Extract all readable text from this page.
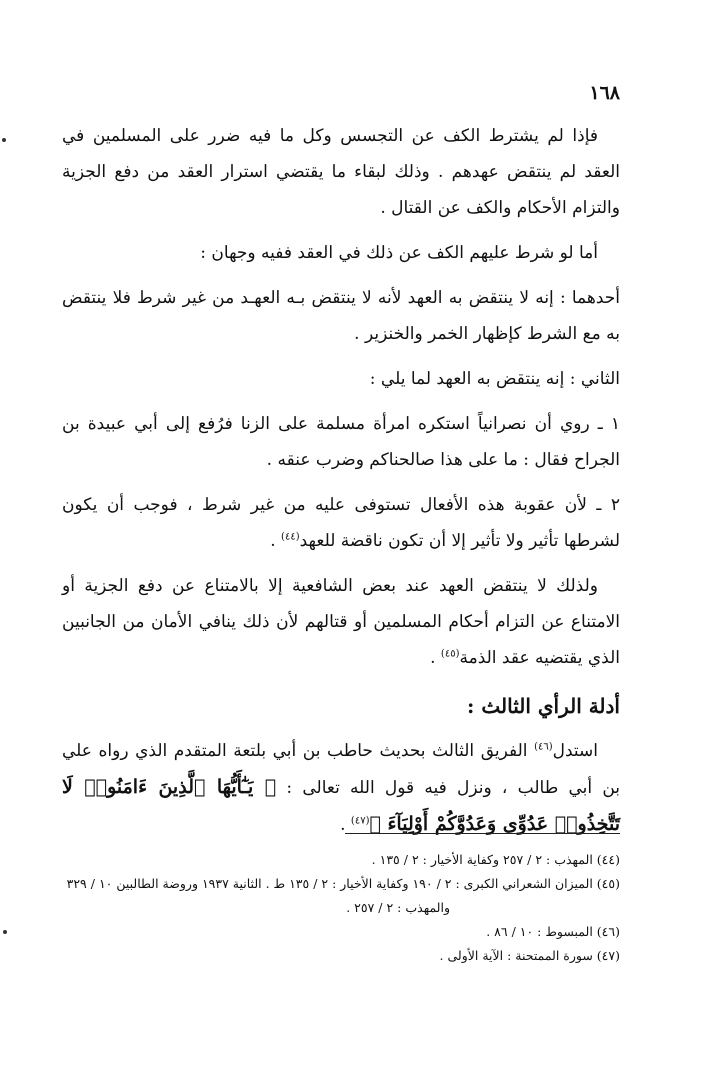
١٦٨

فإذا لم يشترط الكف عن التجسس وكل ما فيه ضرر على المسلمين في العقد لم ينتقض عهدهم . وذلك لبقاء ما يقتضي استرار العقد من دفع الجزية والتزام الأحكام والكف عن القتال .

أما لو شرط عليهم الكف عن ذلك في العقد ففيه وجهان :

أحدهما : إنه لا ينتقض به العهد لأنه لا ينتقض بـه العهـد من غير شرط فلا ينتقض به مع الشرط كإظهار الخمر والخنزير .

الثاني : إنه ينتقض به العهد لما يلي :

١ ـ روي أن نصرانياً استكره امرأة مسلمة على الزنا فرُفع إلى أبي عبيدة بن الجراح فقال : ما على هذا صالحناكم وضرب عنقه .

٢ ـ لأن عقوبة هذه الأفعال تستوفى عليه من غير شرط ، فوجب أن يكون لشرطها تأثير ولا تأثير إلا أن تكون ناقضة للعهد$^{(٤٤)}$ .

ولذلك لا ينتقض العهد عند بعض الشافعية إلا بالامتناع عن دفع الجزية أو الامتناع عن التزام أحكام المسلمين أو قتالهم لأن ذلك ينافي الأمان من الجانبين الذي يقتضيه عقد الذمة$^{(٤٥)}$ .

أدلة الرأي الثالث :

استدل$^{(٤٦)}$ الفريق الثالث بحديث حاطب بن أبي بلتعة المتقدم الذي رواه علي بن أبي طالب ، ونزل فيه قول الله تعالى : ﴿ يَـٰٓأَيُّهَا ٱلَّذِينَ ءَامَنُوا۟ لَا تَتَّخِذُوا۟ عَدُوِّى وَعَدُوَّكُمْ أَوْلِيَآءَ ﴾$^{(٤٧)}$ .

(٤٤) المهذب : ٢ / ٢٥٧ وكفاية الأخيار : ٢ / ١٣٥ .
(٤٥) الميزان الشعراني الكبرى : ٢ / ١٩٠ وكفاية الأخيار : ٢ / ١٣٥ ط . الثانية ١٩٣٧ وروضة الطالبين ١٠ / ٣٢٩
والمهذب : ٢ / ٢٥٧ .
(٤٦) المبسوط : ١٠ / ٨٦ .
(٤٧) سورة الممتحنة : الآية الأولى .
